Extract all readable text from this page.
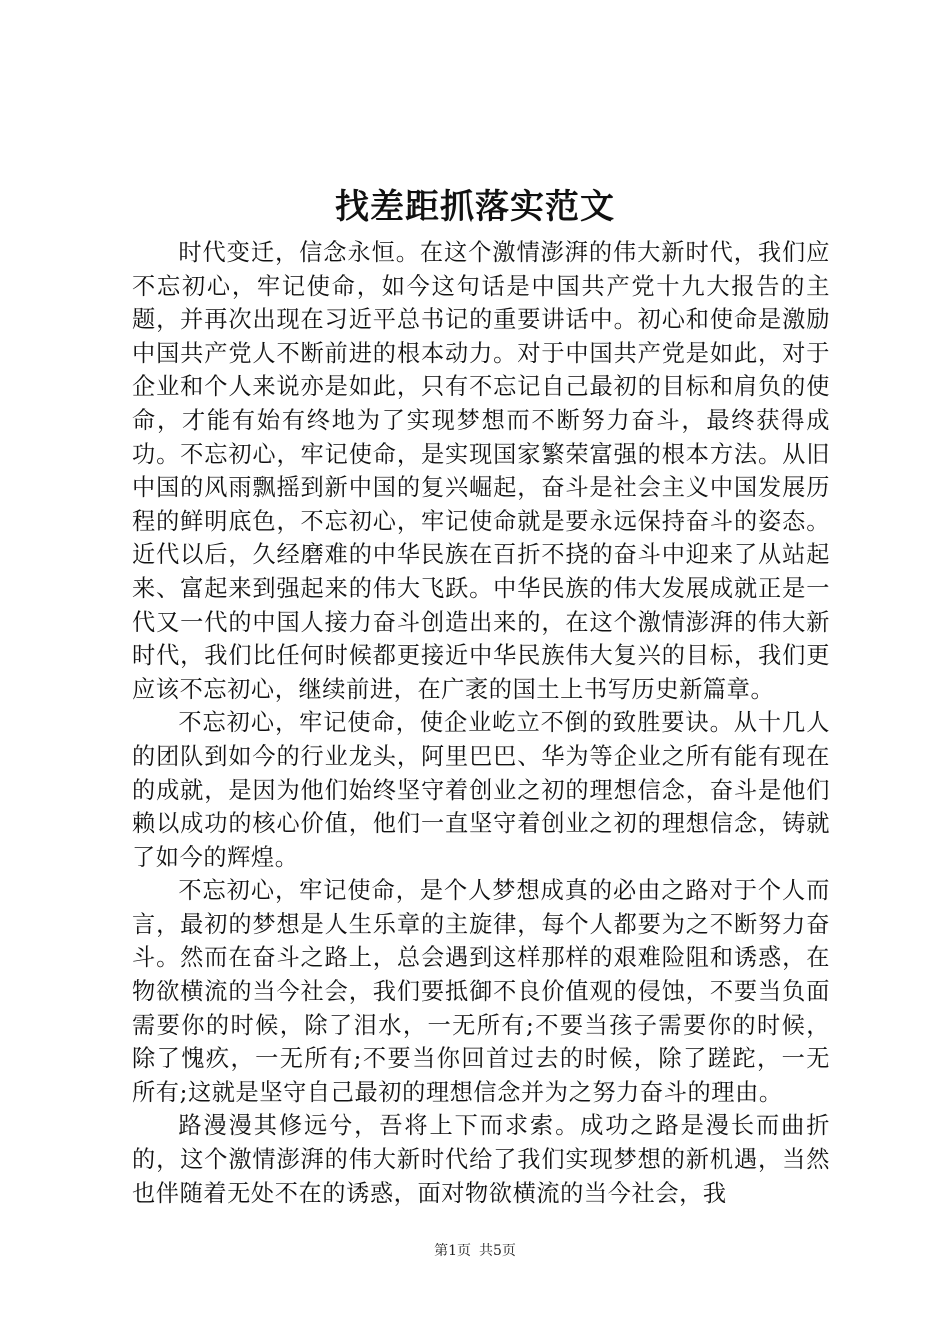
找差距抓落实范文

时代变迁，信念永恒。在这个激情澎湃的伟大新时代，我们应不忘初心，牢记使命，如今这句话是中国共产党十九大报告的主题，并再次出现在习近平总书记的重要讲话中。初心和使命是激励中国共产党人不断前进的根本动力。对于中国共产党是如此，对于企业和个人来说亦是如此，只有不忘记自己最初的目标和肩负的使命，才能有始有终地为了实现梦想而不断努力奋斗，最终获得成功。不忘初心，牢记使命，是实现国家繁荣富强的根本方法。从旧中国的风雨飘摇到新中国的复兴崛起，奋斗是社会主义中国发展历程的鲜明底色，不忘初心，牢记使命就是要永远保持奋斗的姿态。近代以后，久经磨难的中华民族在百折不挠的奋斗中迎来了从站起来、富起来到强起来的伟大飞跃。中华民族的伟大发展成就正是一代又一代的中国人接力奋斗创造出来的，在这个激情澎湃的伟大新时代，我们比任何时候都更接近中华民族伟大复兴的目标，我们更应该不忘初心，继续前进，在广袤的国土上书写历史新篇章。

不忘初心，牢记使命，使企业屹立不倒的致胜要诀。从十几人的团队到如今的行业龙头，阿里巴巴、华为等企业之所有能有现在的成就，是因为他们始终坚守着创业之初的理想信念，奋斗是他们赖以成功的核心价值，他们一直坚守着创业之初的理想信念，铸就了如今的辉煌。

不忘初心，牢记使命，是个人梦想成真的必由之路对于个人而言，最初的梦想是人生乐章的主旋律，每个人都要为之不断努力奋斗。然而在奋斗之路上，总会遇到这样那样的艰难险阻和诱惑，在物欲横流的当今社会，我们要抵御不良价值观的侵蚀，不要当负面需要你的时候，除了泪水，一无所有;不要当孩子需要你的时候，除了愧疚，一无所有;不要当你回首过去的时候，除了蹉跎，一无所有;这就是坚守自己最初的理想信念并为之努力奋斗的理由。

路漫漫其修远兮，吾将上下而求索。成功之路是漫长而曲折的，这个激情澎湃的伟大新时代给了我们实现梦想的新机遇，当然也伴随着无处不在的诱惑，面对物欲横流的当今社会，我

第1页 共5页
